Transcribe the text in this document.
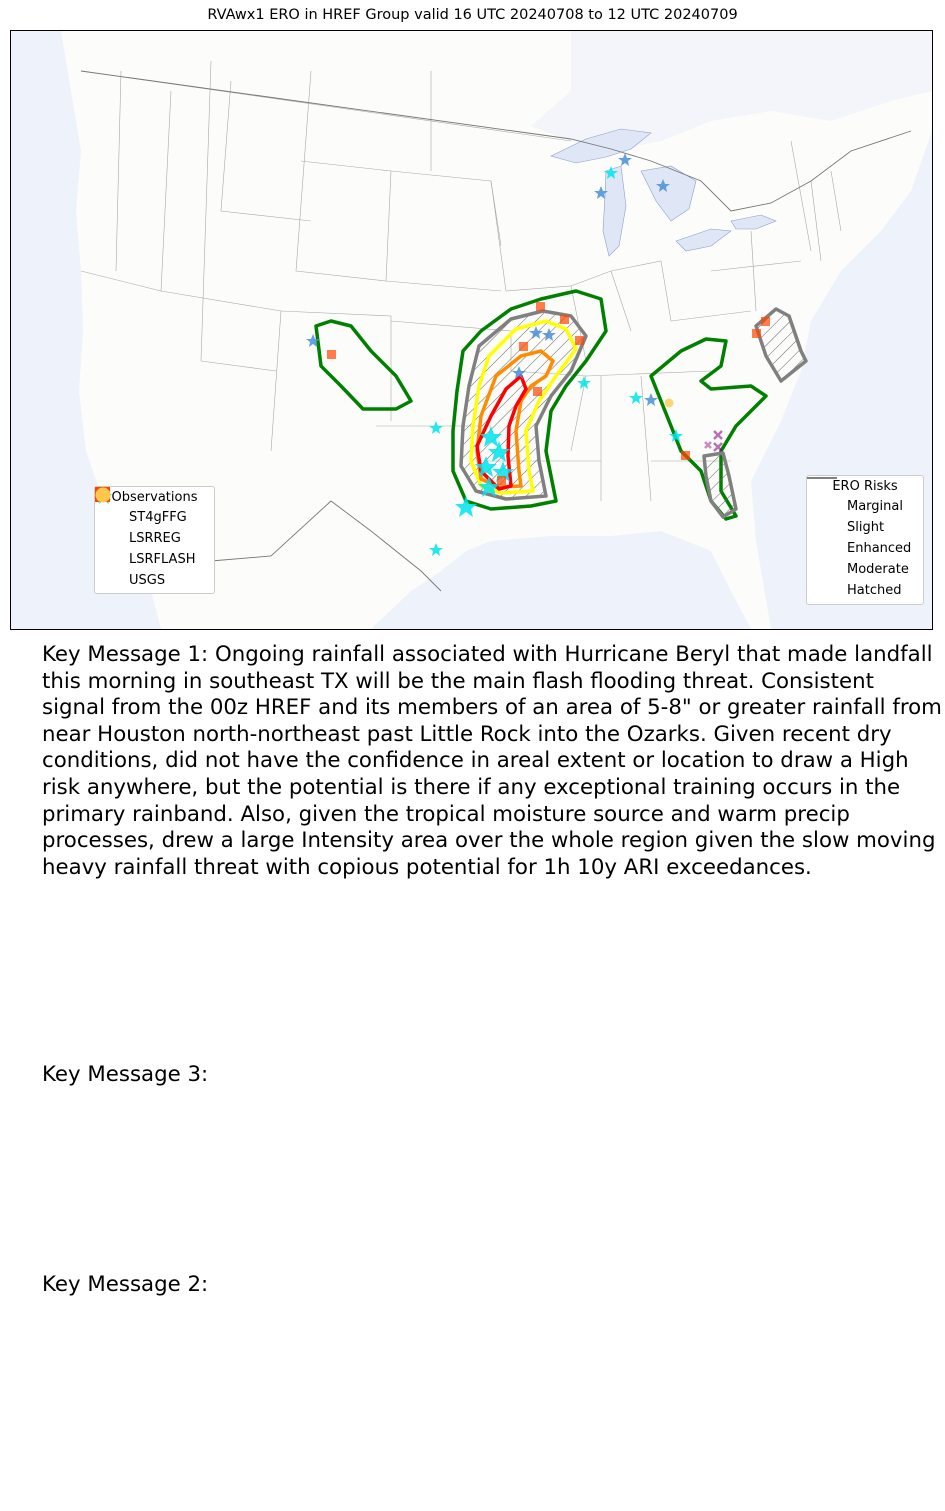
RVAwx1 ERO in HREF Group valid 16 UTC 20240708 to 12 UTC 20240709
Observations
ST4gFFG
LSRREG
LSRFLASH
USGS
ERO Risks
Marginal
Slight
Enhanced
Moderate
Hatched
Key Message 1: Ongoing rainfall associated with Hurricane Beryl that made landfall this morning in southeast TX will be the main flash flooding threat. Consistent signal from the 00z HREF and its members of an area of 5-8" or greater rainfall from near Houston north-northeast past Little Rock into the Ozarks. Given recent dry conditions, did not have the confidence in areal extent or location to draw a High risk anywhere, but the potential is there if any exceptional training occurs in the primary rainband. Also, given the tropical moisture source and warm precip processes, drew a large Intensity area over the whole region given the slow moving heavy rainfall threat with copious potential for 1h 10y ARI exceedances.
Key Message 3:
Key Message 2:
